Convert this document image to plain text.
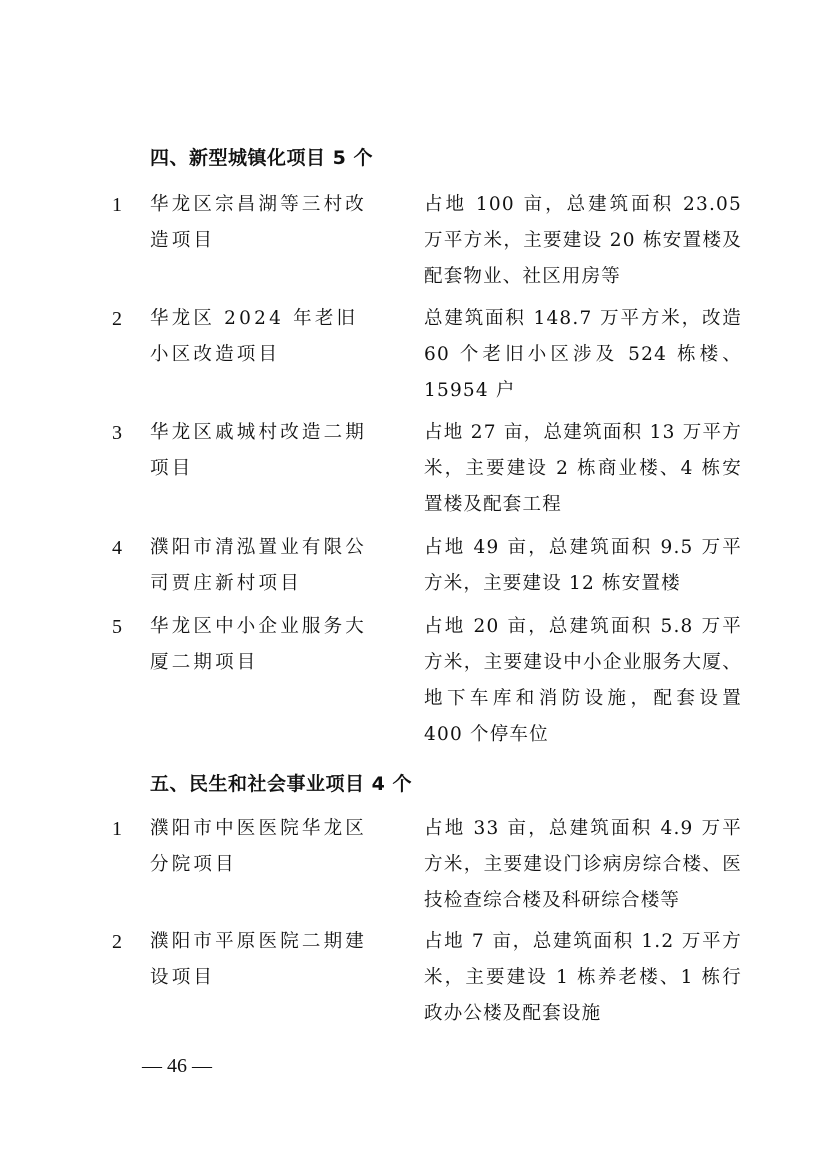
四、新型城镇化项目 5 个
1 华龙区宗昌湖等三村改造项目
占地 100 亩，总建筑面积 23.05 万平方米，主要建设 20 栋安置楼及配套物业、社区用房等
2 华龙区 2024 年老旧小区改造项目
总建筑面积 148.7 万平方米，改造 60 个老旧小区涉及 524 栋楼、15954 户
3 华龙区戚城村改造二期项目
占地 27 亩，总建筑面积 13 万平方米，主要建设 2 栋商业楼、4 栋安置楼及配套工程
4 濮阳市清泓置业有限公司贾庄新村项目
占地 49 亩，总建筑面积 9.5 万平方米，主要建设 12 栋安置楼
5 华龙区中小企业服务大厦二期项目
占地 20 亩，总建筑面积 5.8 万平方米，主要建设中小企业服务大厦、地下车库和消防设施，配套设置 400 个停车位
五、民生和社会事业项目 4 个
1 濮阳市中医医院华龙区分院项目
占地 33 亩，总建筑面积 4.9 万平方米，主要建设门诊病房综合楼、医技检查综合楼及科研综合楼等
2 濮阳市平原医院二期建设项目
占地 7 亩，总建筑面积 1.2 万平方米，主要建设 1 栋养老楼、1 栋行政办公楼及配套设施
— 46 —
